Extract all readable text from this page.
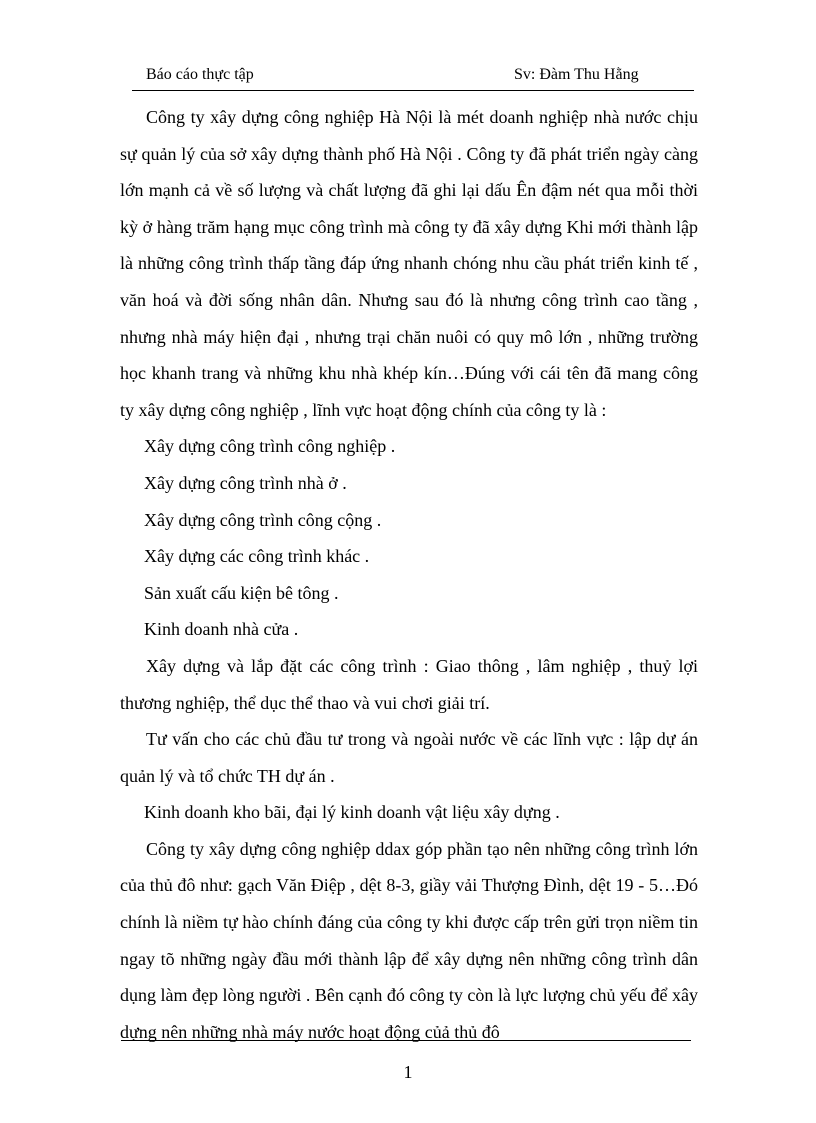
Báo cáo thực tập	Sv: Đàm Thu Hằng

Công ty xây dựng công nghiệp Hà Nội là mét doanh nghiệp nhà nước chịu sự quản lý của sở xây dựng thành phố Hà Nội . Công ty đã phát triển ngày càng lớn mạnh cả về số lượng và chất lượng đã ghi lại dấu Ên đậm nét qua mỗi thời kỳ ở hàng trăm hạng mục công trình mà công ty đã xây dựng Khi mới thành lập là những công trình thấp tầng đáp ứng nhanh chóng nhu cầu phát triển kinh tế , văn hoá và đời sống nhân dân. Nhưng sau đó là nhưng công trình cao tầng , nhưng nhà máy hiện đại , nhưng trại chăn nuôi có quy mô lớn , những trường học khanh trang và những khu nhà khép kín…Đúng với cái tên đã mang công ty xây dựng công nghiệp , lĩnh vực hoạt động chính của công ty là :

Xây dựng công trình công nghiệp .

Xây dựng công trình nhà ở .

Xây dựng công trình công cộng .

Xây dựng các công trình khác .

Sản xuất cấu kiện bê tông .

Kinh doanh nhà cửa .

Xây dựng và lắp đặt các công trình : Giao thông , lâm nghiệp , thuỷ lợi thương nghiệp, thể dục thể thao và vui chơi giải trí.

Tư vấn cho các chủ đầu tư trong và ngoài nước về các lĩnh vực : lập dự án quản lý và tổ chức TH dự án .

Kinh doanh kho bãi, đại lý kinh doanh vật liệu xây dựng .

Công ty xây dựng công nghiệp ddax góp phần tạo nên những công trình lớn của thủ đô như: gạch Văn Điệp , dệt 8-3, giầy vải Thượng Đình, dệt 19 - 5…Đó chính là niềm tự hào chính đáng của công ty khi được cấp trên gửi trọn niềm tin ngay tõ những ngày đầu mới thành lập để xây dựng nên những công trình dân dụng làm đẹp lòng người . Bên cạnh đó công ty còn là lực lượng chủ yếu để xây dựng nên những nhà máy nước hoạt động củả thủ đô

1
